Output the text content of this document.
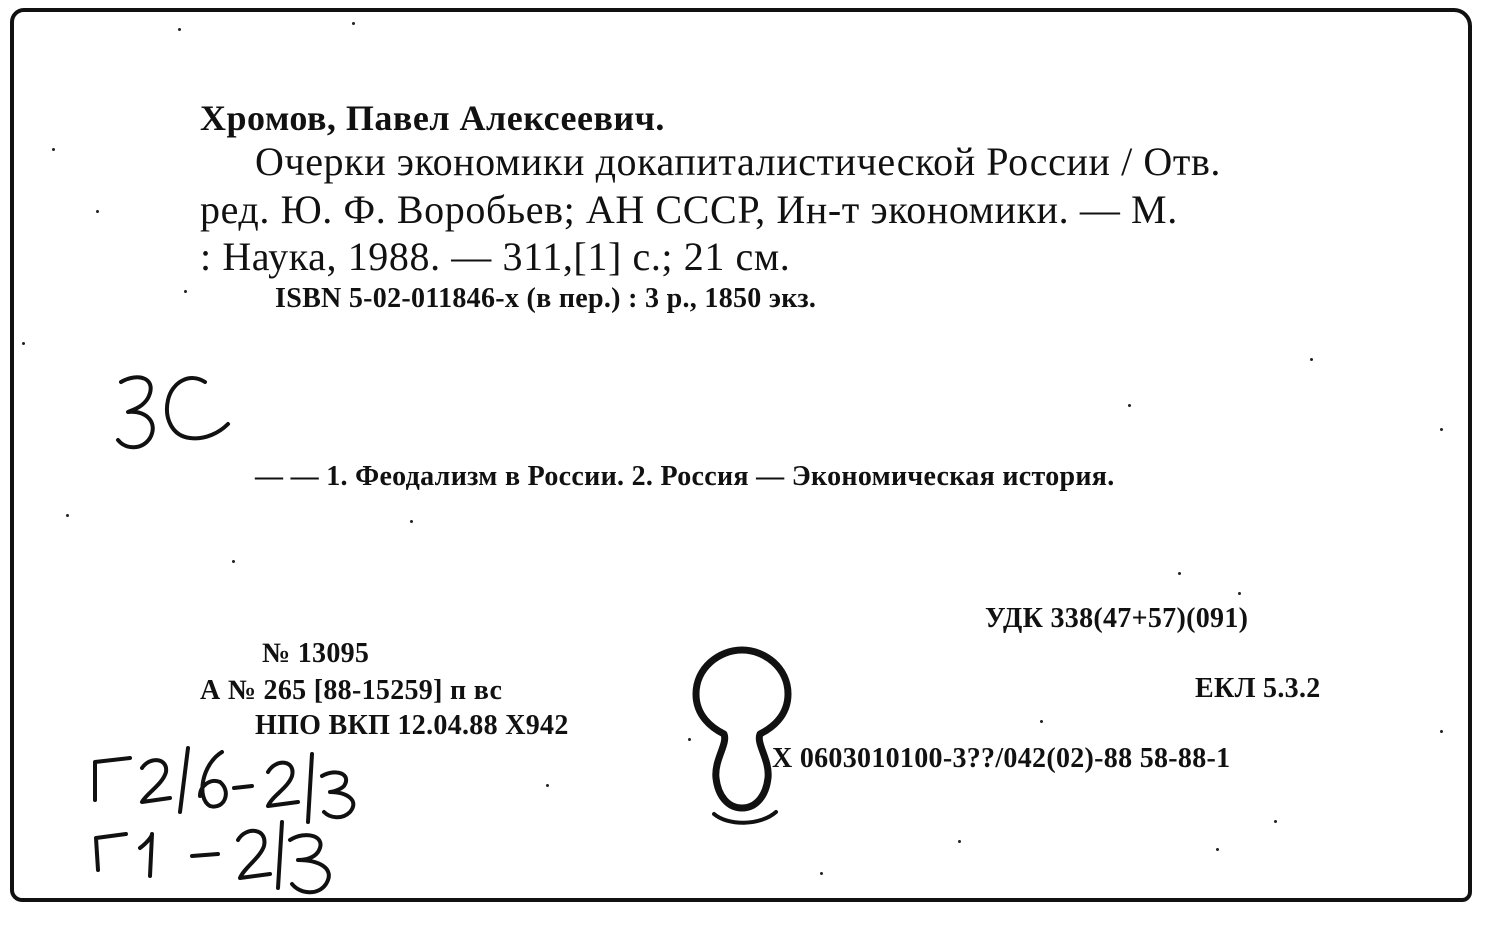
Хромов, Павел Алексеевич.
Очерки экономики докапиталистической России / Отв.
ред. Ю. Ф. Воробьев; АН СССР, Ин-т экономики. — М.
: Наука, 1988. — 311,[1] с.; 21 см.
ISBN 5-02-011846-x (в пер.) : 3 р., 1850 экз.
— — 1. Феодализм в России. 2. Россия — Экономическая история.
УДК 338(47+57)(091)
ЕКЛ 5.3.2
X 0603010100-3??/042(02)-88 58-88-1
№ 13095
А № 265 [88-15259] п вс
НПО ВКП 12.04.88 X942
